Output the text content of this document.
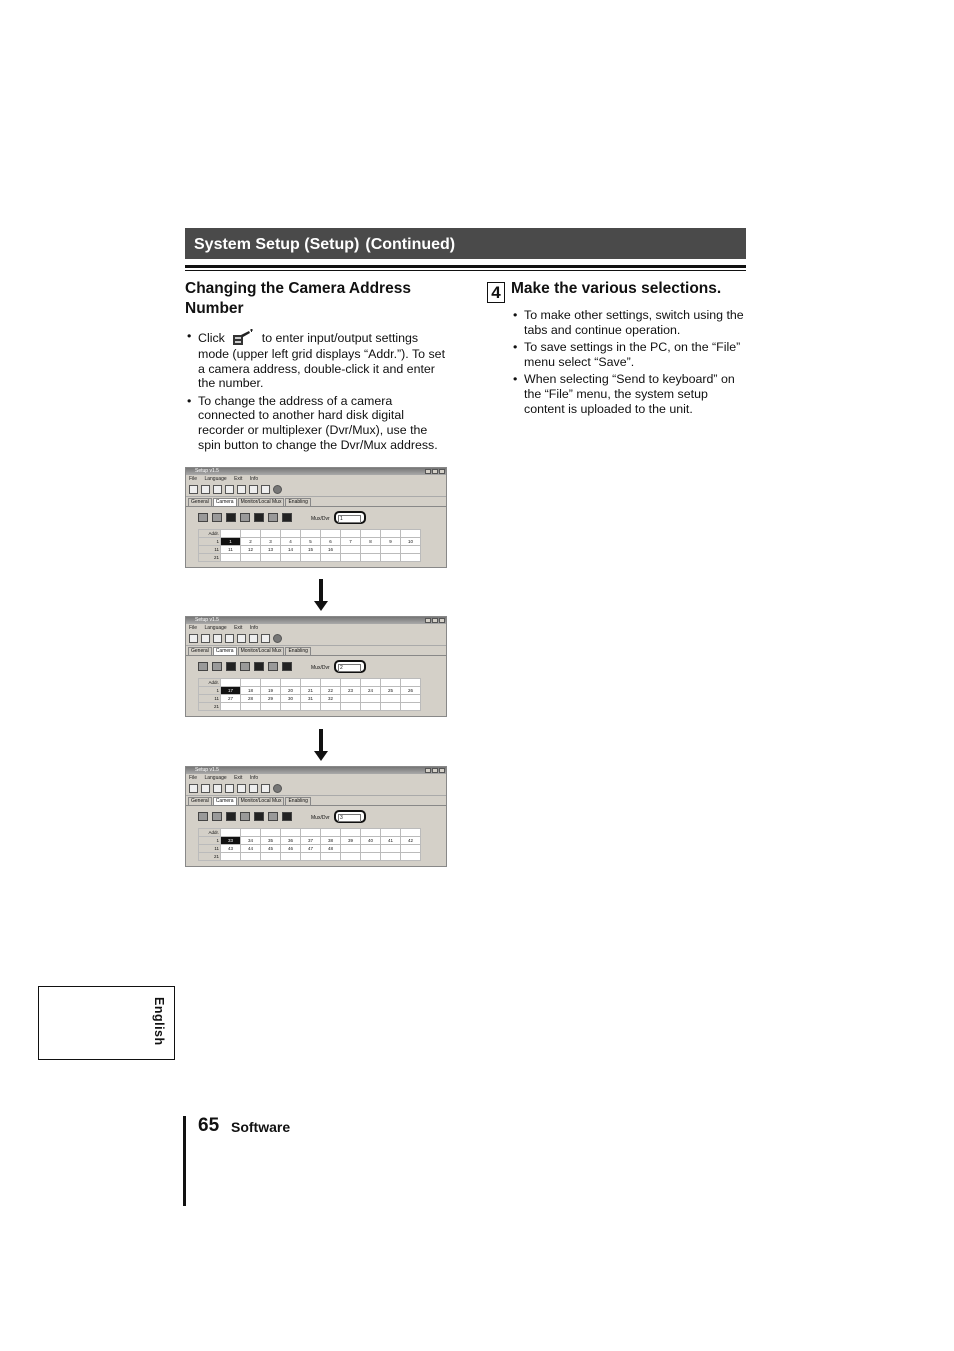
System Setup (Setup) (Continued)
Changing the Camera Address
Number
• Click	to enter input/output settings mode (upper left grid displays “Addr.”). To set a camera address, double-click it and enter the number.
• To change the address of a camera connected to another hard disk digital recorder or multiplexer (Dvr/Mux), use the spin button to change the Dvr/Mux address.
4 Make the various selections.
• To make other settings, switch using the tabs and continue operation.
• To save settings in the PC, on the “File” menu select “Save”.
• When selecting “Send to keyboard” on the “File” menu, the system setup content is uploaded to the unit.
Setup v1.5
File Language Exit Info
General	Camera	Monitor/Local Mux	Enabling
Mux/Dvr	1
Addr.										
1	1	2	3	4	5	6	7	8	9	10
11	11	12	13	14	15	16				
21										
Setup v1.5
File Language Exit Info
General	Camera	Monitor/Local Mux	Enabling
Mux/Dvr	2
Addr.										
1	17	18	19	20	21	22	23	24	25	26
11	27	28	29	30	31	32				
21										
Setup v1.5
File Language Exit Info
General	Camera	Monitor/Local Mux	Enabling
Mux/Dvr	3
Addr.										
1	33	34	35	36	37	38	39	40	41	42
11	43	44	45	46	47	48				
21										
English
65 Software
